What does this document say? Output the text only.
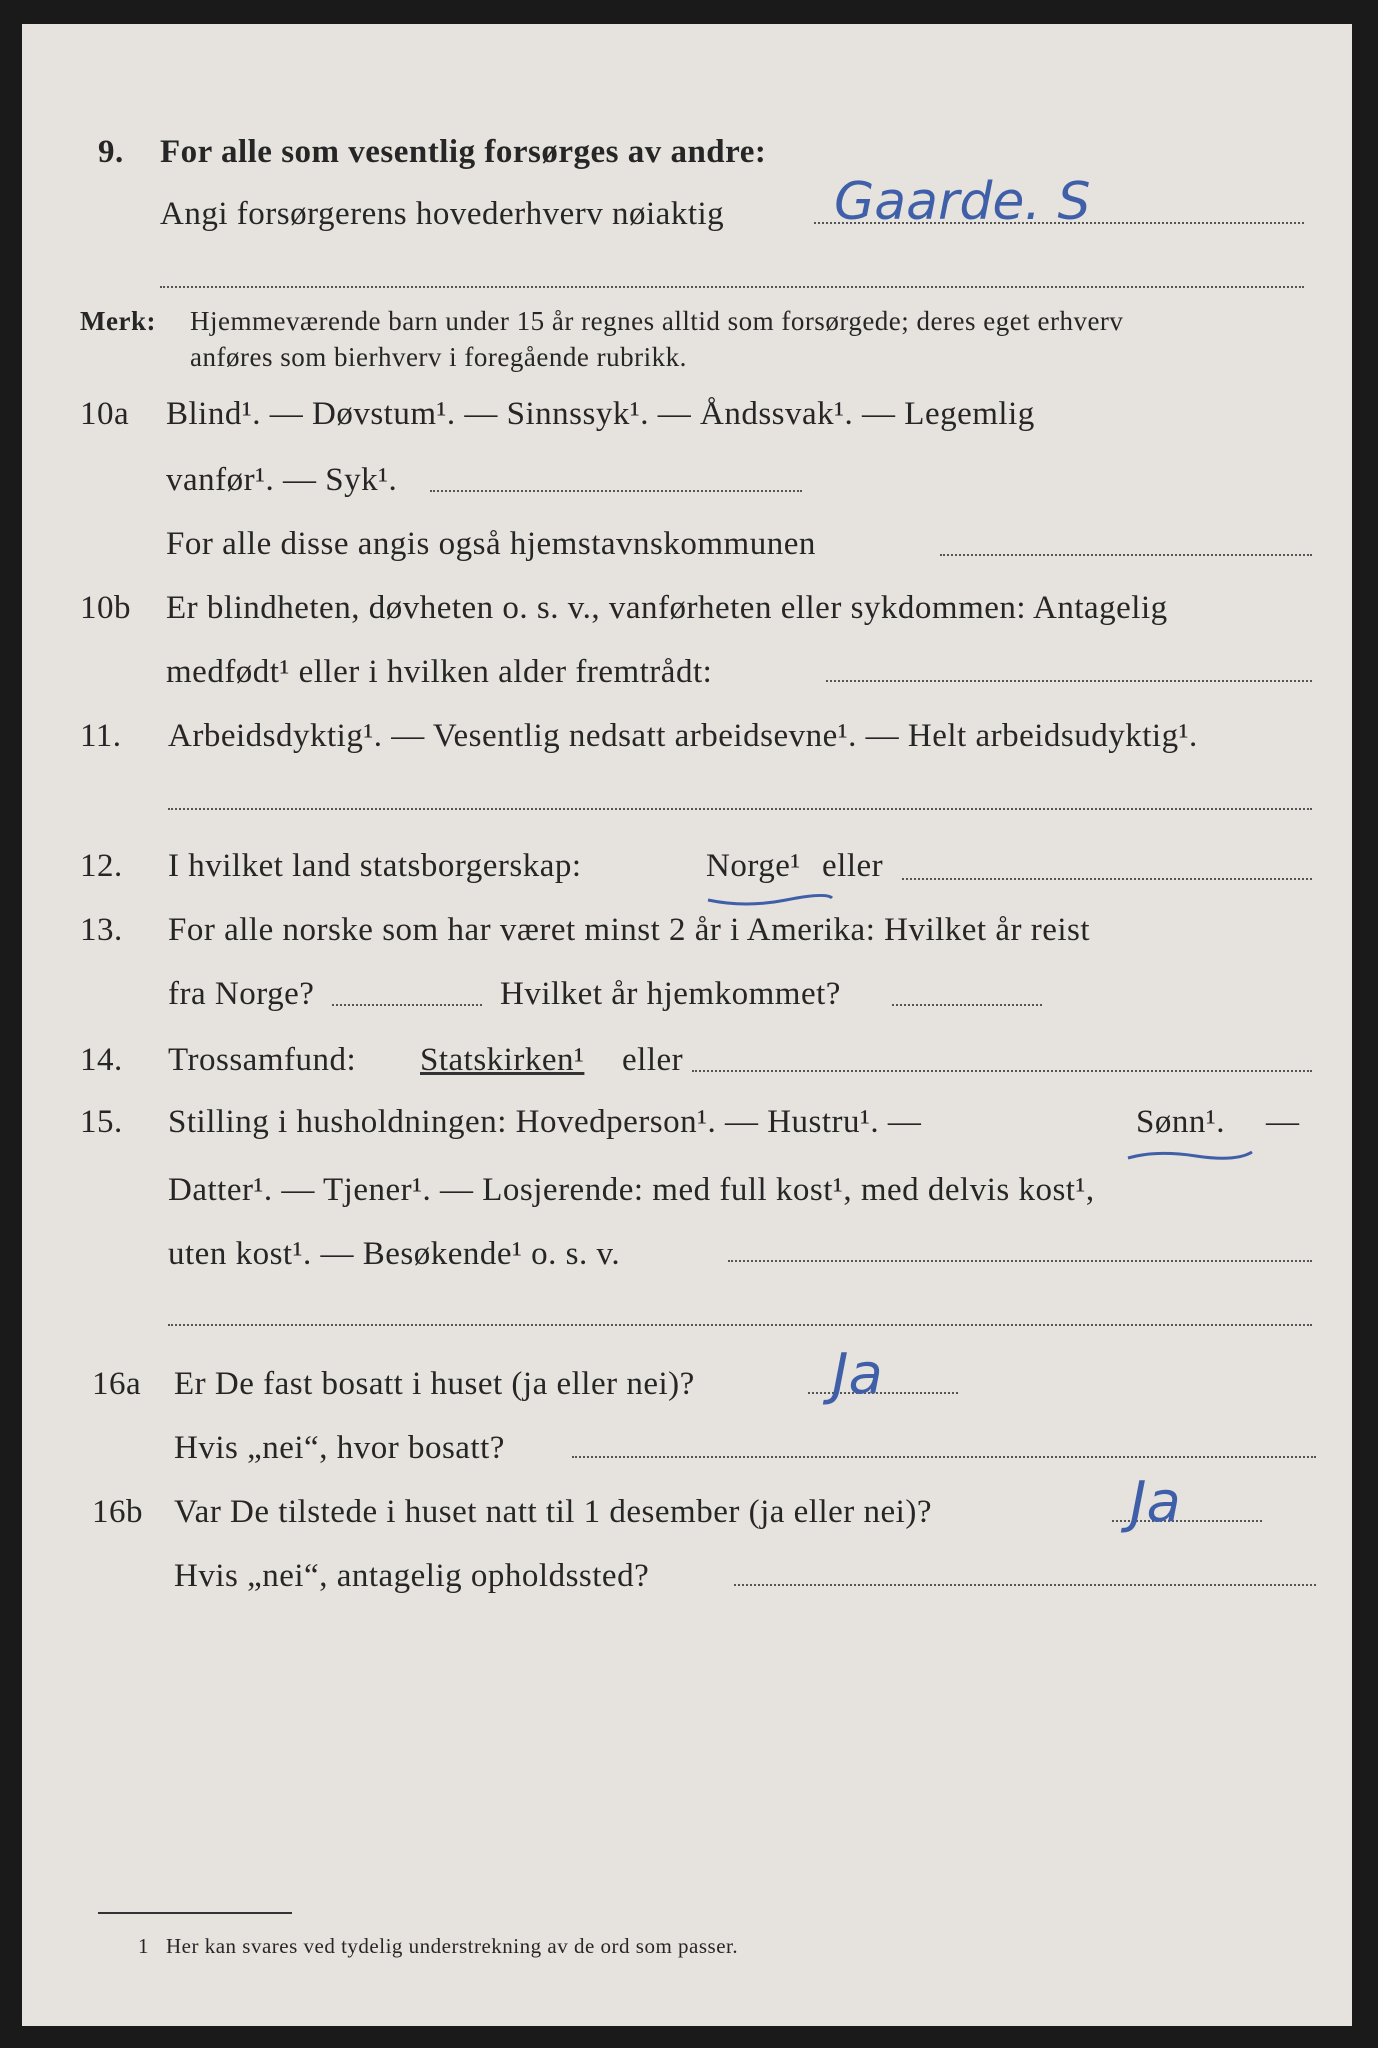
9. For alle som vesentlig forsørges av andre:
Angi forsørgerens hovederhverv nøiaktig Gaarde. S
Merk: Hjemmeværende barn under 15 år regnes alltid som forsørgede; deres eget erhverv
anføres som bierhverv i foregående rubrikk.
10a Blind¹. — Døvstum¹. — Sinnssyk¹. — Åndssvak¹. — Legemlig
vanfør¹. — Syk¹.
For alle disse angis også hjemstavnskommunen
10b Er blindheten, døvheten o. s. v., vanførheten eller sykdommen: Antagelig
medfødt¹ eller i hvilken alder fremtrådt:
11. Arbeidsdyktig¹. — Vesentlig nedsatt arbeidsevne¹. — Helt arbeidsudyktig¹.
12. I hvilket land statsborgerskap:	Norge¹ eller
13. For alle norske som har været minst 2 år i Amerika: Hvilket år reist
fra Norge?	Hvilket år hjemkommet?
14. Trossamfund: Statskirken¹ eller
15. Stilling i husholdningen: Hovedperson¹. — Hustru¹. —	Sønn¹. —
Datter¹. — Tjener¹. — Losjerende: med full kost¹, med delvis kost¹,
uten kost¹. — Besøkende¹ o. s. v.
16a Er De fast bosatt i huset (ja eller nei)? Ja
Hvis „nei“, hvor bosatt?
16b Var De tilstede i huset natt til 1 desember (ja eller nei)?	Ja
Hvis „nei“, antagelig opholdssted?
1 Her kan svares ved tydelig understrekning av de ord som passer.
